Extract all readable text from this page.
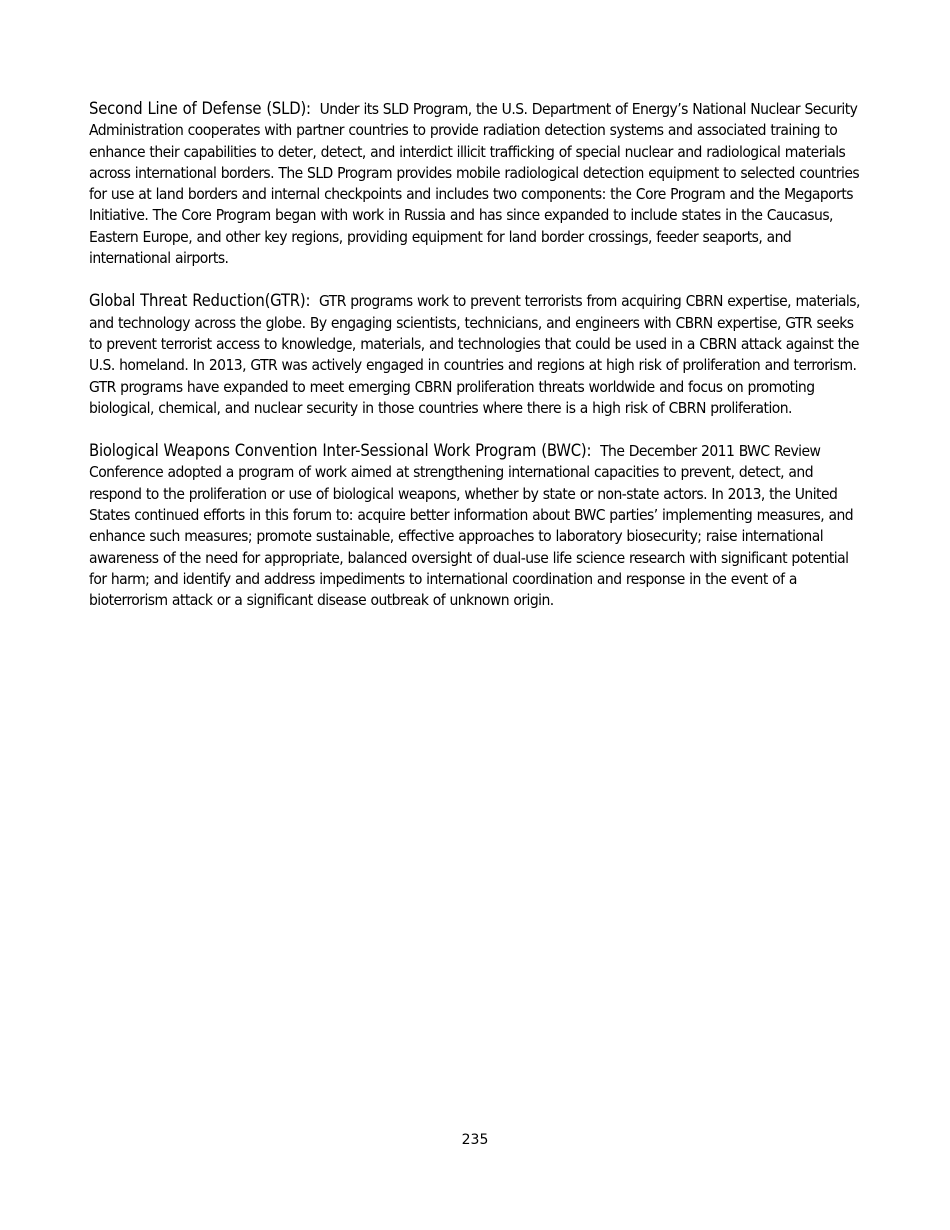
Second Line of Defense (SLD): Under its SLD Program, the U.S. Department of Energy’s National Nuclear Security Administration cooperates with partner countries to provide radiation detection systems and associated training to enhance their capabilities to deter, detect, and interdict illicit trafficking of special nuclear and radiological materials across international borders. The SLD Program provides mobile radiological detection equipment to selected countries for use at land borders and internal checkpoints and includes two components: the Core Program and the Megaports Initiative. The Core Program began with work in Russia and has since expanded to include states in the Caucasus, Eastern Europe, and other key regions, providing equipment for land border crossings, feeder seaports, and international airports.

Global Threat Reduction(GTR): GTR programs work to prevent terrorists from acquiring CBRN expertise, materials, and technology across the globe. By engaging scientists, technicians, and engineers with CBRN expertise, GTR seeks to prevent terrorist access to knowledge, materials, and technologies that could be used in a CBRN attack against the U.S. homeland. In 2013, GTR was actively engaged in countries and regions at high risk of proliferation and terrorism. GTR programs have expanded to meet emerging CBRN proliferation threats worldwide and focus on promoting biological, chemical, and nuclear security in those countries where there is a high risk of CBRN proliferation.

Biological Weapons Convention Inter-Sessional Work Program (BWC): The December 2011 BWC Review Conference adopted a program of work aimed at strengthening international capacities to prevent, detect, and respond to the proliferation or use of biological weapons, whether by state or non-state actors. In 2013, the United States continued efforts in this forum to: acquire better information about BWC parties’ implementing measures, and enhance such measures; promote sustainable, effective approaches to laboratory biosecurity; raise international awareness of the need for appropriate, balanced oversight of dual-use life science research with significant potential for harm; and identify and address impediments to international coordination and response in the event of a bioterrorism attack or a significant disease outbreak of unknown origin.

235
